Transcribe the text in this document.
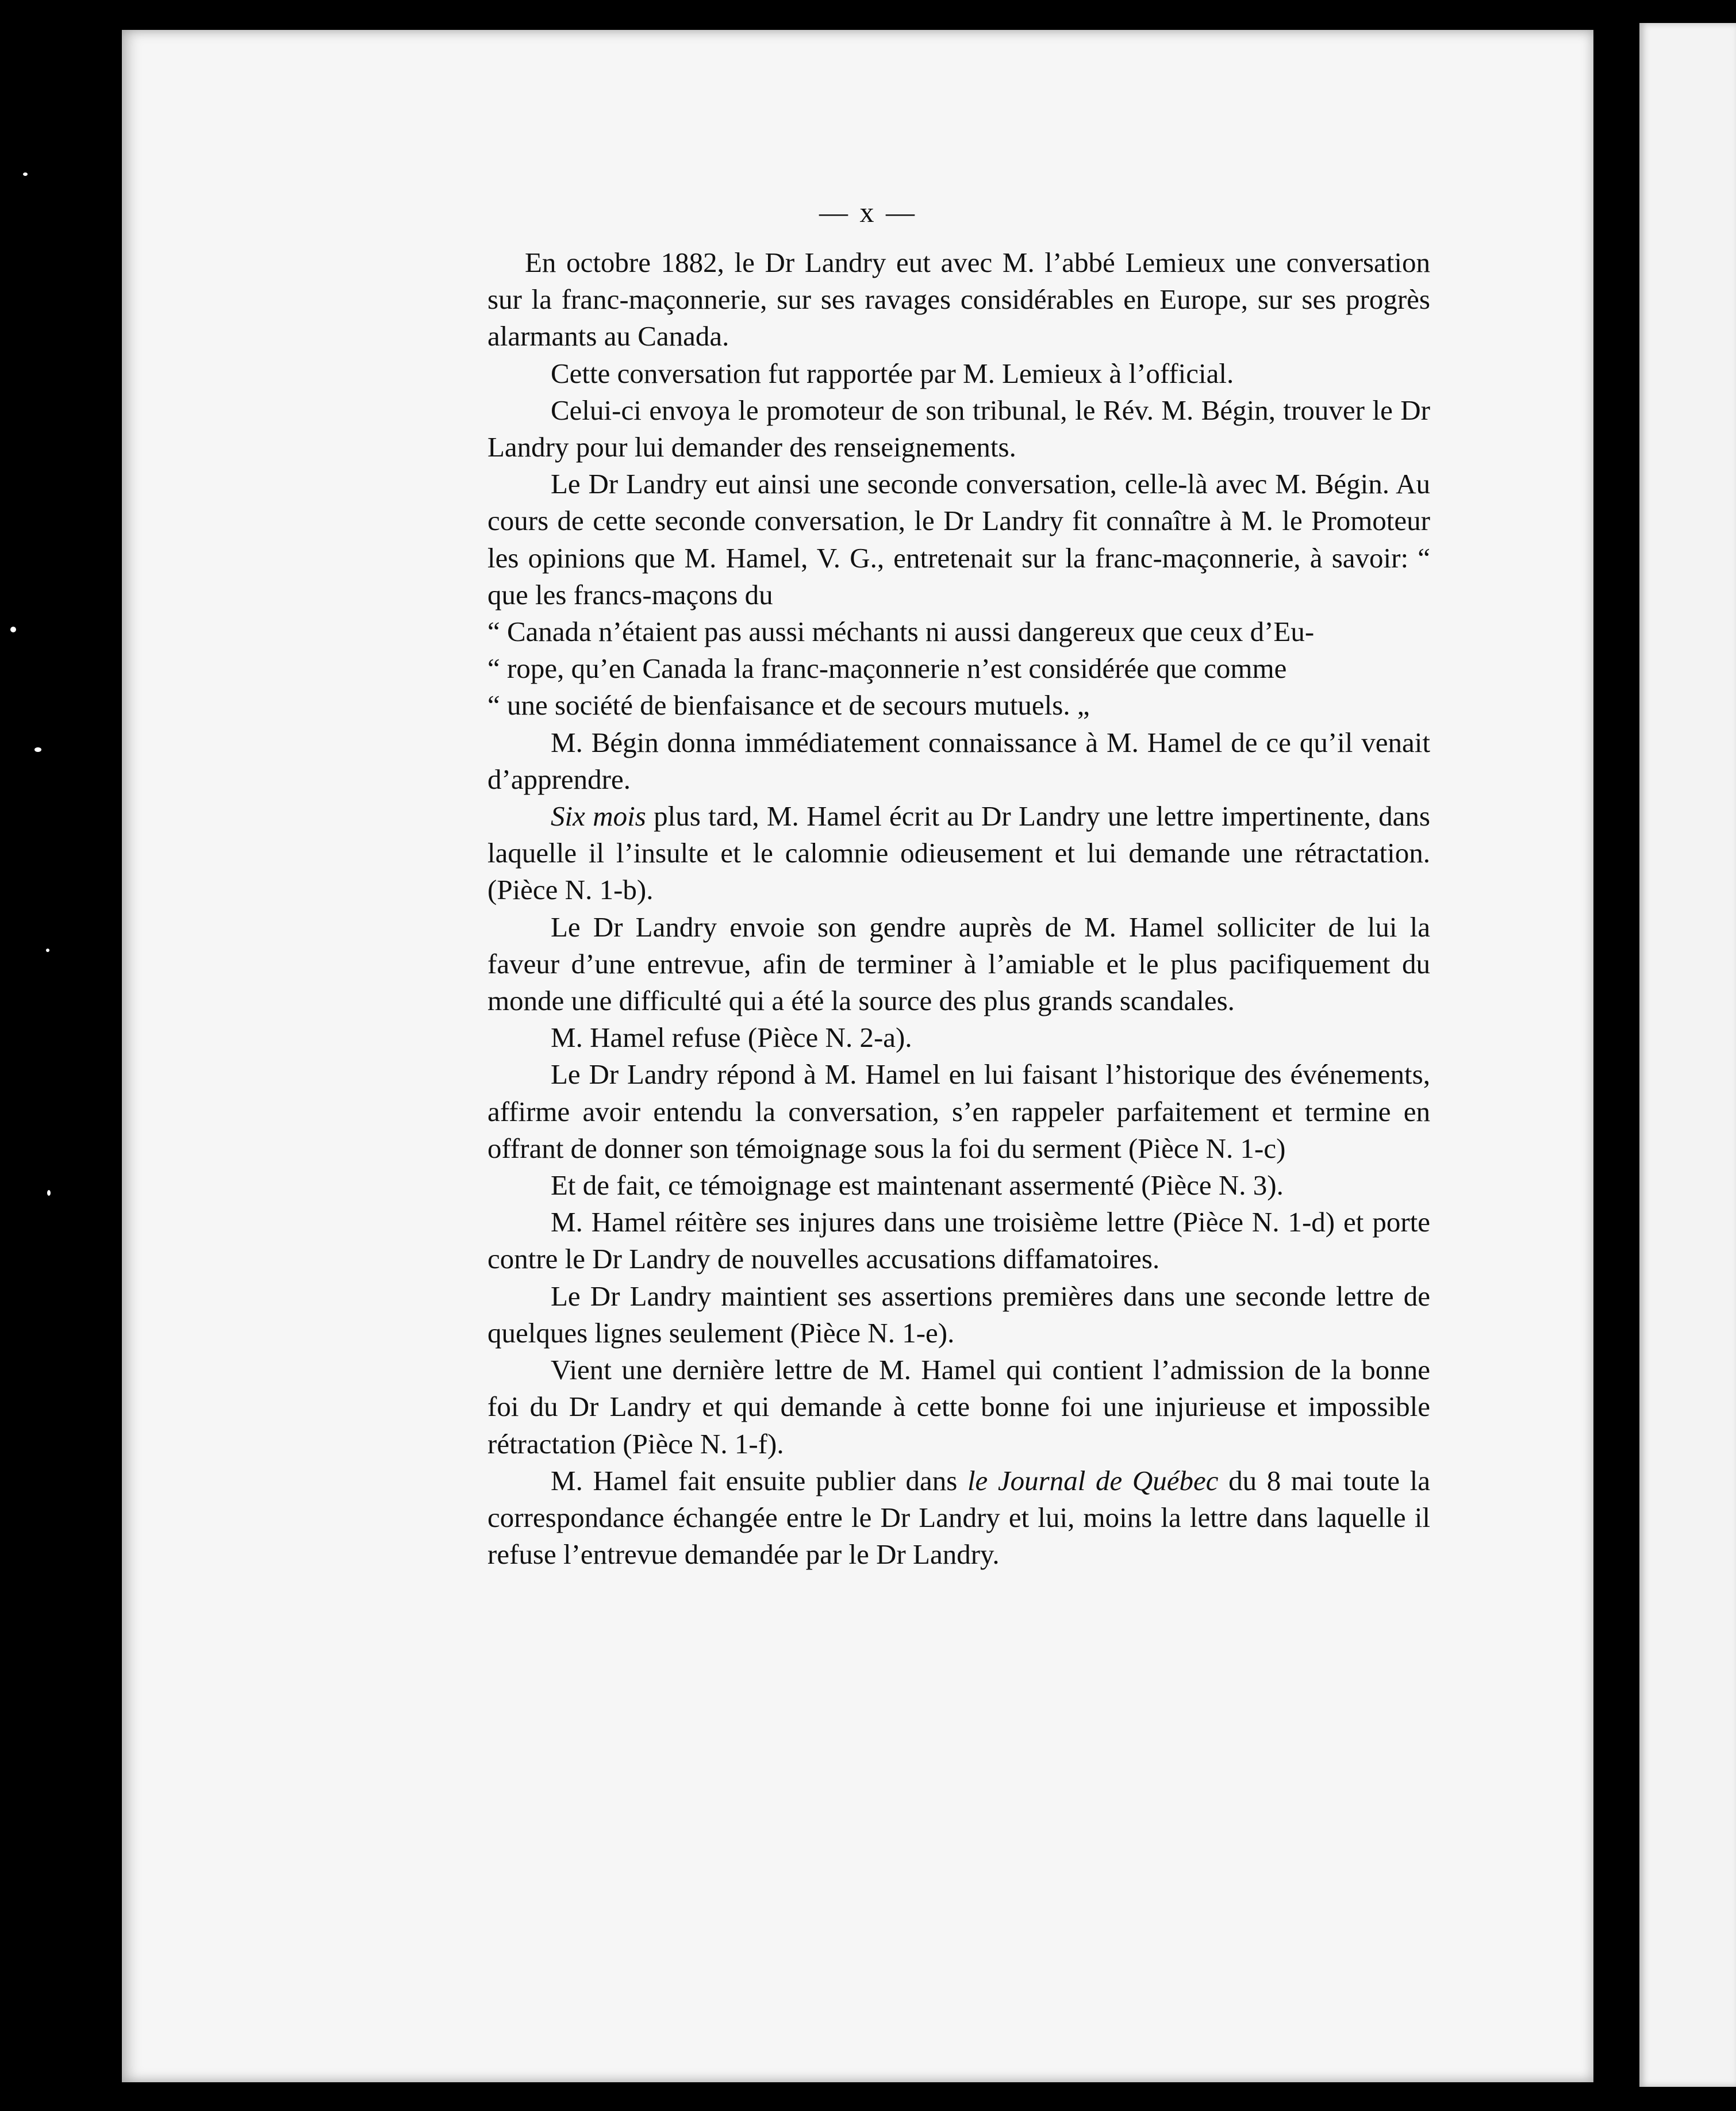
— x —

En octobre 1882, le Dr Landry eut avec M. l’abbé Lemieux une conversation sur la franc-maçonnerie, sur ses ravages considérables en Europe, sur ses progrès alarmants au Canada.

Cette conversation fut rapportée par M. Lemieux à l’official.

Celui-ci envoya le promoteur de son tribunal, le Rév. M. Bégin, trouver le Dr Landry pour lui demander des renseignements.

Le Dr Landry eut ainsi une seconde conversation, celle-là avec M. Bégin. Au cours de cette seconde conversation, le Dr Landry fit connaître à M. le Promoteur les opinions que M. Hamel, V. G., entretenait sur la franc-maçonnerie, à savoir: “ que les francs-maçons du

“ Canada n’étaient pas aussi méchants ni aussi dangereux que ceux d’Eu-

“ rope, qu’en Canada la franc-maçonnerie n’est considérée que comme

“ une société de bienfaisance et de secours mutuels. „

M. Bégin donna immédiatement connaissance à M. Hamel de ce qu’il venait d’apprendre.

Six mois plus tard, M. Hamel écrit au Dr Landry une lettre impertinente, dans laquelle il l’insulte et le calomnie odieusement et lui demande une rétractation. (Pièce N. 1-b).

Le Dr Landry envoie son gendre auprès de M. Hamel solliciter de lui la faveur d’une entrevue, afin de terminer à l’amiable et le plus pacifiquement du monde une difficulté qui a été la source des plus grands scandales.

M. Hamel refuse (Pièce N. 2-a).

Le Dr Landry répond à M. Hamel en lui faisant l’historique des événements, affirme avoir entendu la conversation, s’en rappeler parfaitement et termine en offrant de donner son témoignage sous la foi du serment (Pièce N. 1-c)

Et de fait, ce témoignage est maintenant assermenté (Pièce N. 3).

M. Hamel réitère ses injures dans une troisième lettre (Pièce N. 1-d) et porte contre le Dr Landry de nouvelles accusations diffamatoires.

Le Dr Landry maintient ses assertions premières dans une seconde lettre de quelques lignes seulement (Pièce N. 1-e).

Vient une dernière lettre de M. Hamel qui contient l’admission de la bonne foi du Dr Landry et qui demande à cette bonne foi une injurieuse et impossible rétractation (Pièce N. 1-f).

M. Hamel fait ensuite publier dans le Journal de Québec du 8 mai toute la correspondance échangée entre le Dr Landry et lui, moins la lettre dans laquelle il refuse l’entrevue demandée par le Dr Landry.
